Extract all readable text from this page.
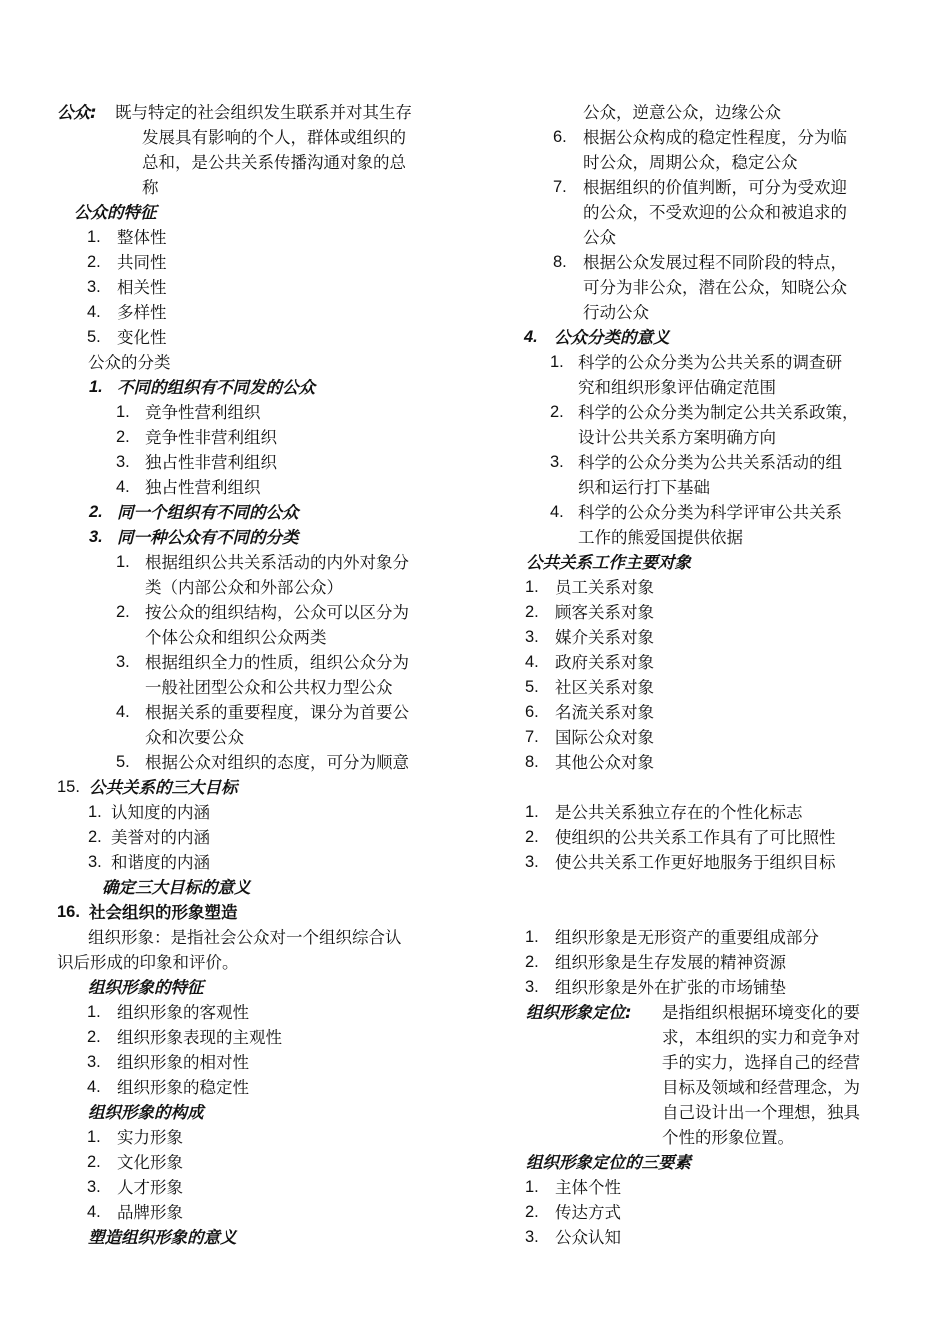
公众: 既与特定的社会组织发生联系并对其生存
发展具有影响的个人，群体或组织的
总和，是公共关系传播沟通对象的总
称
公众的特征
1. 整体性
2. 共同性
3. 相关性
4. 多样性
5. 变化性
公众的分类
1. 不同的组织有不同发的公众
1. 竞争性营利组织
2. 竞争性非营利组织
3. 独占性非营利组织
4. 独占性营利组织
2. 同一个组织有不同的公众
3. 同一种公众有不同的分类
1. 根据组织公共关系活动的内外对象分
类（内部公众和外部公众）
2. 按公众的组织结构，公众可以区分为
个体公众和组织公众两类
3. 根据组织全力的性质，组织公众分为
一般社团型公众和公共权力型公众
4. 根据关系的重要程度，课分为首要公
众和次要公众
5. 根据公众对组织的态度，可分为顺意
15. 公共关系的三大目标
1. 认知度的内涵
2. 美誉对的内涵
3. 和谐度的内涵
确定三大目标的意义
16. 社会组织的形象塑造
组织形象：是指社会公众对一个组织综合认
识后形成的印象和评价。
组织形象的特征
1. 组织形象的客观性
2. 组织形象表现的主观性
3. 组织形象的相对性
4. 组织形象的稳定性
组织形象的构成
1. 实力形象
2. 文化形象
3. 人才形象
4. 品牌形象
塑造组织形象的意义
公众，逆意公众，边缘公众
6. 根据公众构成的稳定性程度，分为临
时公众，周期公众，稳定公众
7. 根据组织的价值判断，可分为受欢迎
的公众，不受欢迎的公众和被追求的
公众
8. 根据公众发展过程不同阶段的特点，
可分为非公众，潜在公众，知晓公众
行动公众
4. 公众分类的意义
1. 科学的公众分类为公共关系的调查研
究和组织形象评估确定范围
2. 科学的公众分类为制定公共关系政策，
设计公共关系方案明确方向
3. 科学的公众分类为公共关系活动的组
织和运行打下基础
4. 科学的公众分类为科学评审公共关系
工作的熊爱国提供依据
公共关系工作主要对象
1. 员工关系对象
2. 顾客关系对象
3. 媒介关系对象
4. 政府关系对象
5. 社区关系对象
6. 名流关系对象
7. 国际公众对象
8. 其他公众对象
1. 是公共关系独立存在的个性化标志
2. 使组织的公共关系工作具有了可比照性
3. 使公共关系工作更好地服务于组织目标
1. 组织形象是无形资产的重要组成部分
2. 组织形象是生存发展的精神资源
3. 组织形象是外在扩张的市场铺垫
组织形象定位: 是指组织根据环境变化的要
求，本组织的实力和竞争对
手的实力，选择自己的经营
目标及领域和经营理念，为
自己设计出一个理想，独具
个性的形象位置。
组织形象定位的三要素
1. 主体个性
2. 传达方式
3. 公众认知
